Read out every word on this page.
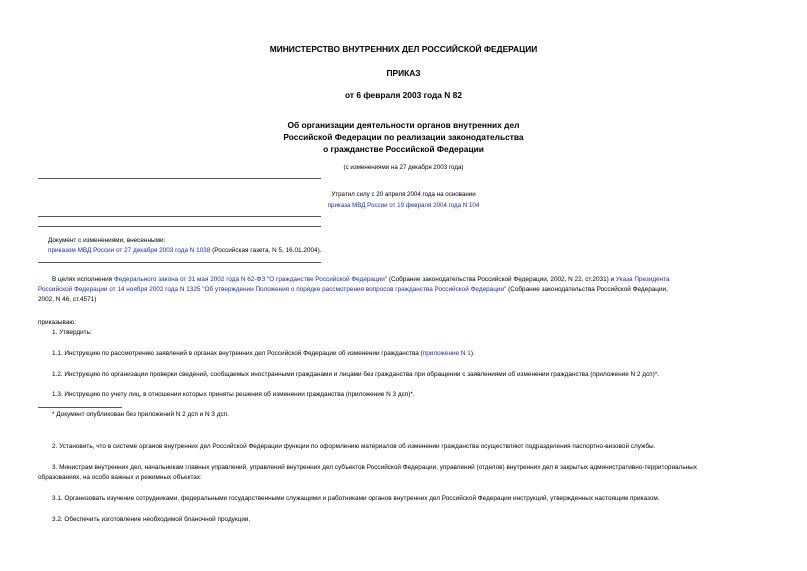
МИНИСТЕРСТВО ВНУТРЕННИХ ДЕЛ РОССИЙСКОЙ ФЕДЕРАЦИИ
ПРИКАЗ
от 6 февраля 2003 года N 82
Об организации деятельности органов внутренних дел
Российской Федерации по реализации законодательства
о гражданстве Российской Федерации
(с изменениями на 27 декабря 2003 года)
Утратил силу с 20 апреля 2004 года на основании
приказа МВД России от 19 февраля 2004 года N 104
Документ с изменениями, внесенными:
приказом МВД России от 27 декабря 2003 года N 1038 (Российская газета, N 5, 16.01.2004).
В целях исполнения Федерального закона от 31 мая 2002 года N 62-ФЗ "О гражданстве Российской Федерации" (Собрание законодательства Российской Федерации, 2002, N 22, ст.2031) и Указа Президента
Российской Федерации от 14 ноября 2002 года N 1325 "Об утверждении Положения о порядке рассмотрения вопросов гражданства Российской Федерации" (Собрание законодательства Российской Федерации,
2002, N 46, ст.4571)
приказываю:
1. Утвердить:
1.1. Инструкцию по рассмотрению заявлений в органах внутренних дел Российской Федерации об изменении гражданства (приложение N 1).
1.2. Инструкцию по организации проверки сведений, сообщаемых иностранными гражданами и лицами без гражданства при обращении с заявлениями об изменении гражданства (приложение N 2 дсп)*.
1.3. Инструкцию по учету лиц, в отношении которых приняты решения об изменении гражданства (приложение N 3 дсп)*.
* Документ опубликован без приложений N 2 дсп и N 3 дсп.
2. Установить, что в системе органов внутренних дел Российской Федерации функции по оформлению материалов об изменении гражданства осуществляют подразделения паспортно-визовой службы.
3. Министрам внутренних дел, начальникам главных управлений, управлений внутренних дел субъектов Российской Федерации, управлений (отделов) внутренних дел в закрытых административно-территориальных
образованиях, на особо важных и режимных объектах:
3.1. Организовать изучение сотрудниками, федеральными государственными служащими и работниками органов внутренних дел Российской Федерации инструкций, утвержденных настоящим приказом.
3.2. Обеспечить изготовление необходимой бланочной продукции.
